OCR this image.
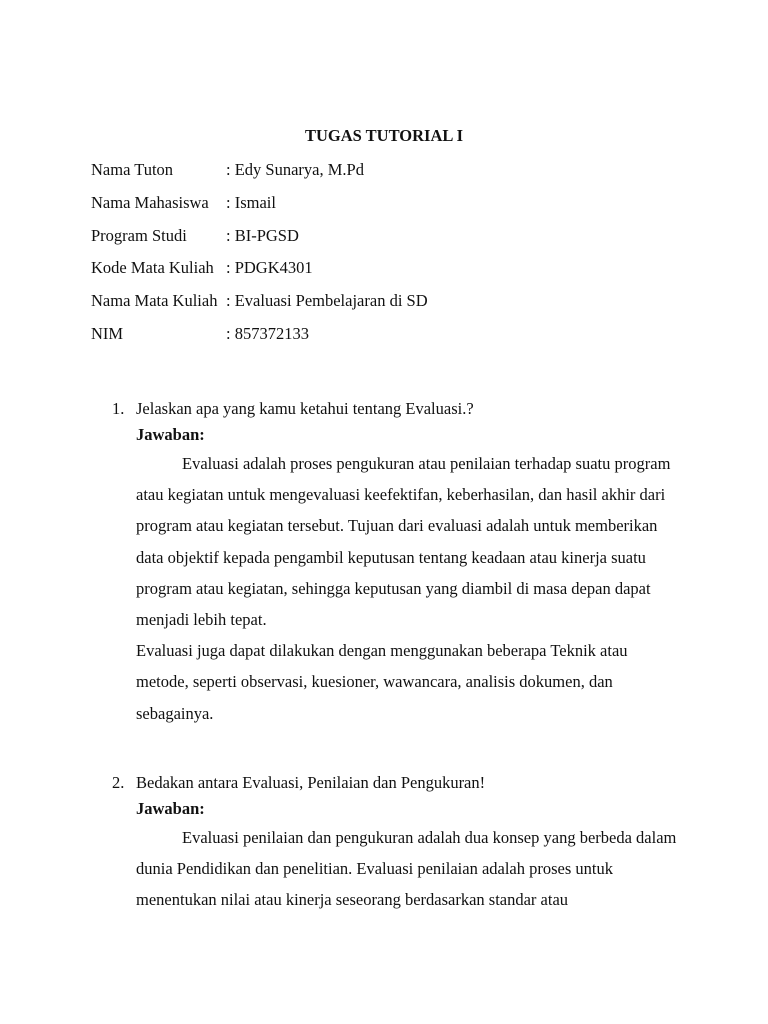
TUGAS TUTORIAL I
Nama Tuton	: Edy Sunarya, M.Pd
Nama Mahasiswa	: Ismail
Program Studi	: BI-PGSD
Kode Mata Kuliah : PDGK4301
Nama Mata Kuliah : Evaluasi Pembelajaran di SD
NIM	: 857372133
1. Jelaskan apa yang kamu ketahui tentang Evaluasi.?
Jawaban:

Evaluasi adalah proses pengukuran atau penilaian terhadap suatu program atau kegiatan untuk mengevaluasi keefektifan, keberhasilan, dan hasil akhir dari program atau kegiatan tersebut. Tujuan dari evaluasi adalah untuk memberikan data objektif kepada pengambil keputusan tentang keadaan atau kinerja suatu program atau kegiatan, sehingga keputusan yang diambil di masa depan dapat menjadi lebih tepat.

Evaluasi juga dapat dilakukan dengan menggunakan beberapa Teknik atau metode, seperti observasi, kuesioner, wawancara, analisis dokumen, dan sebagainya.

2. Bedakan antara Evaluasi, Penilaian dan Pengukuran!
Jawaban:

Evaluasi penilaian dan pengukuran adalah dua konsep yang berbeda dalam dunia Pendidikan dan penelitian. Evaluasi penilaian adalah proses untuk menentukan nilai atau kinerja seseorang berdasarkan standar atau
